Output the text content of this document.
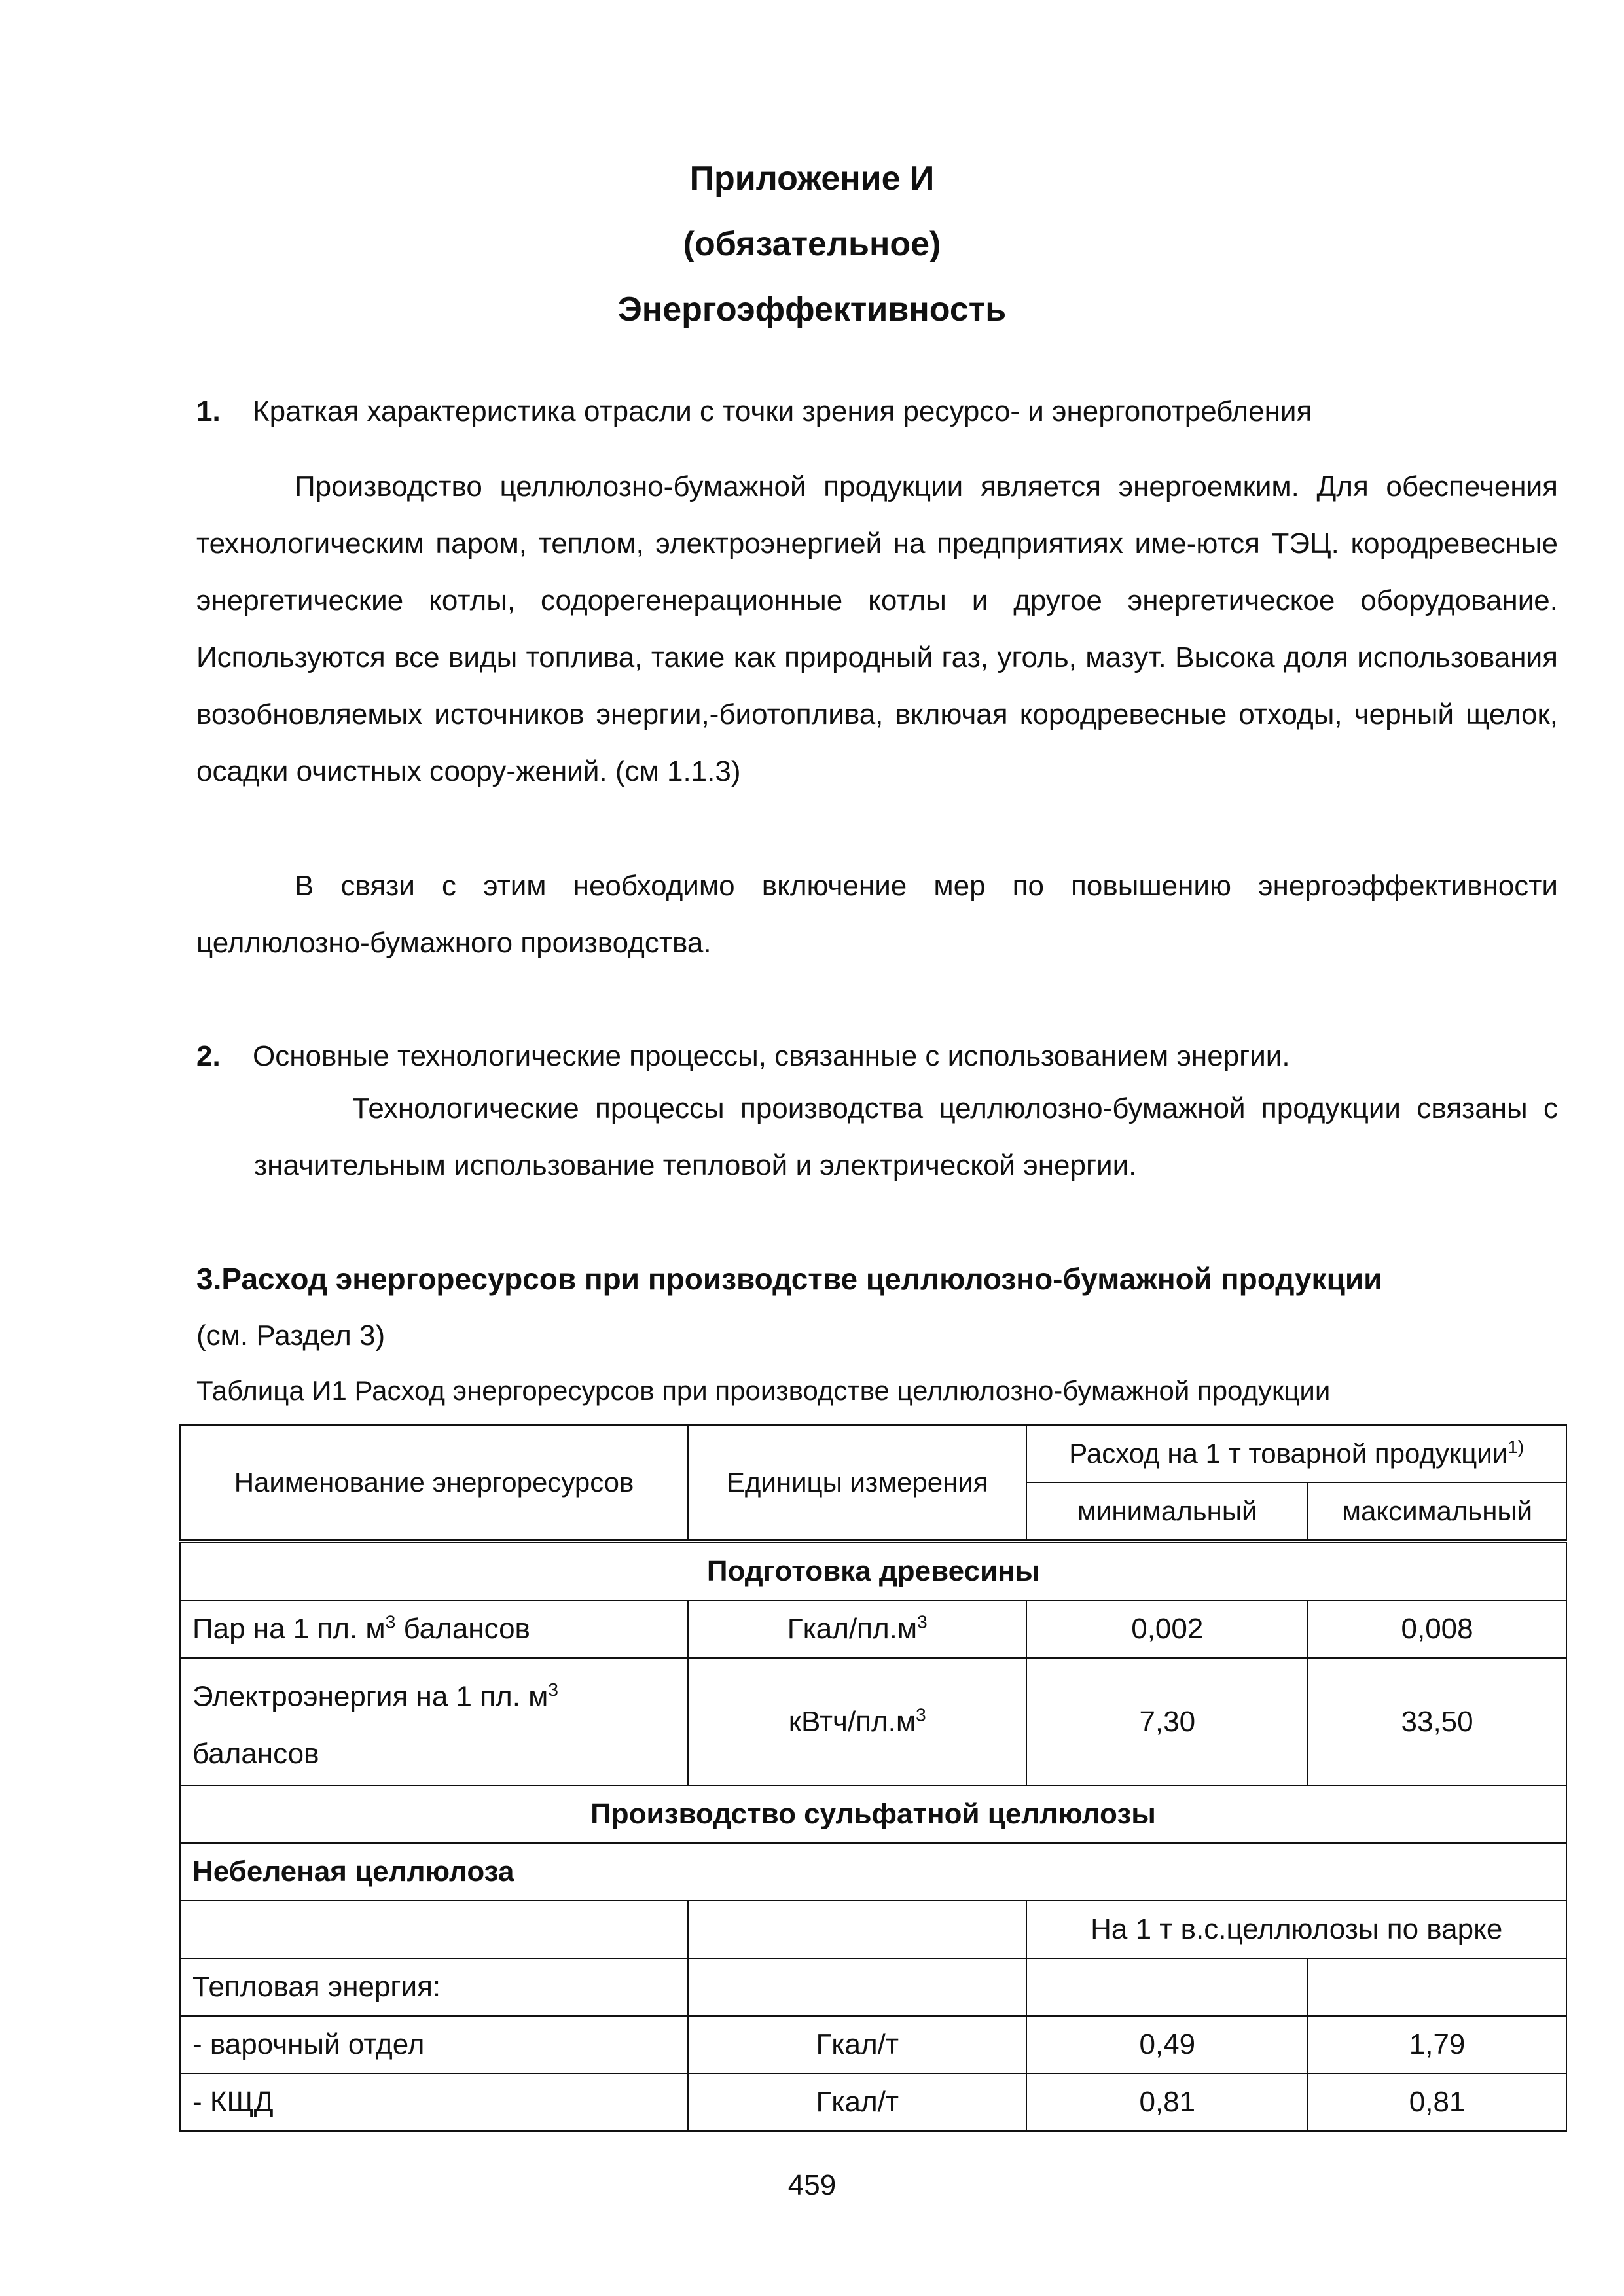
Приложение И
(обязательное)
Энергоэффективность
1. Краткая характеристика отрасли с точки зрения ресурсо- и энергопотребления
Производство целлюлозно-бумажной продукции является энергоемким. Для обеспечения технологическим паром, теплом, электроэнергией на предприятиях име-ются ТЭЦ. кородревесные энергетические котлы, содорегенерационные котлы и другое энергетическое оборудование. Используются все виды топлива, такие как природный газ, уголь, мазут. Высока доля использования возобновляемых источников энергии,-биотоплива, включая кородревесные отходы, черный щелок, осадки очистных соору-жений. (см 1.1.3)
В связи с этим необходимо включение мер по повышению энергоэффективности целлюлозно-бумажного производства.
2. Основные технологические процессы, связанные с использованием энергии.
Технологические процессы производства целлюлозно-бумажной продукции связаны с значительным использование тепловой и электрической энергии.
3.Расход энергоресурсов при производстве целлюлозно-бумажной продукции
(см. Раздел 3)
Таблица И1 Расход энергоресурсов при производстве целлюлозно-бумажной продукции
Наименование энергоресурсов	Единицы измерения	Расход на 1 т товарной продукции$^{1)}$
		минимальный	максимальный
Подготовка древесины			
Пар на 1 пл. $м^3$ балансов	Гкал/$пл.м^3$	0,002	0,008
Электроэнергия на 1 пл. $м^3$ балансов	кВтч/$пл.м^3$	7,30	33,50
Производство сульфатной целлюлозы			
Небеленая целлюлоза			
		На 1 т в.с.целлюлозы по варке	
Тепловая энергия:			
- варочный отдел	Гкал/т	0,49	1,79
- КЩД	Гкал/т	0,81	0,81
459
